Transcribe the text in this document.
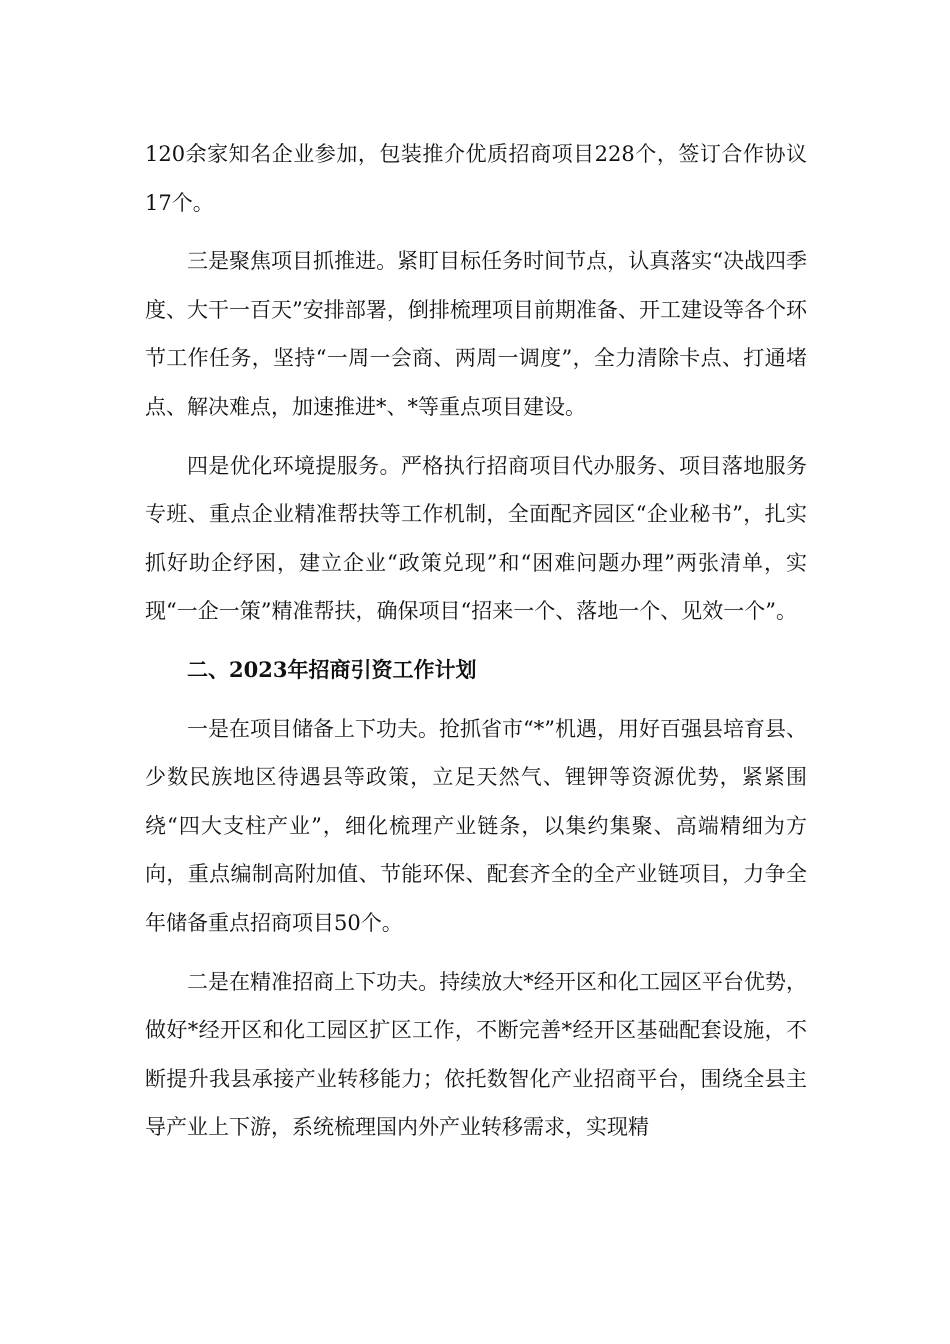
120余家知名企业参加，包装推介优质招商项目228个，签订合作协议17个。

三是聚焦项目抓推进。紧盯目标任务时间节点，认真落实“决战四季度、大干一百天”安排部署，倒排梳理项目前期准备、开工建设等各个环节工作任务，坚持“一周一会商、两周一调度”，全力清除卡点、打通堵点、解决难点，加速推进*、*等重点项目建设。

四是优化环境提服务。严格执行招商项目代办服务、项目落地服务专班、重点企业精准帮扶等工作机制，全面配齐园区“企业秘书”，扎实抓好助企纾困，建立企业“政策兑现”和“困难问题办理”两张清单，实现“一企一策”精准帮扶，确保项目“招来一个、落地一个、见效一个”。

二、2023年招商引资工作计划

一是在项目储备上下功夫。抢抓省市“*”机遇，用好百强县培育县、少数民族地区待遇县等政策，立足天然气、锂钾等资源优势，紧紧围绕“四大支柱产业”，细化梳理产业链条，以集约集聚、高端精细为方向，重点编制高附加值、节能环保、配套齐全的全产业链项目，力争全年储备重点招商项目50个。

二是在精准招商上下功夫。持续放大*经开区和化工园区平台优势，做好*经开区和化工园区扩区工作，不断完善*经开区基础配套设施，不断提升我县承接产业转移能力；依托数智化产业招商平台，围绕全县主导产业上下游，系统梳理国内外产业转移需求，实现精
